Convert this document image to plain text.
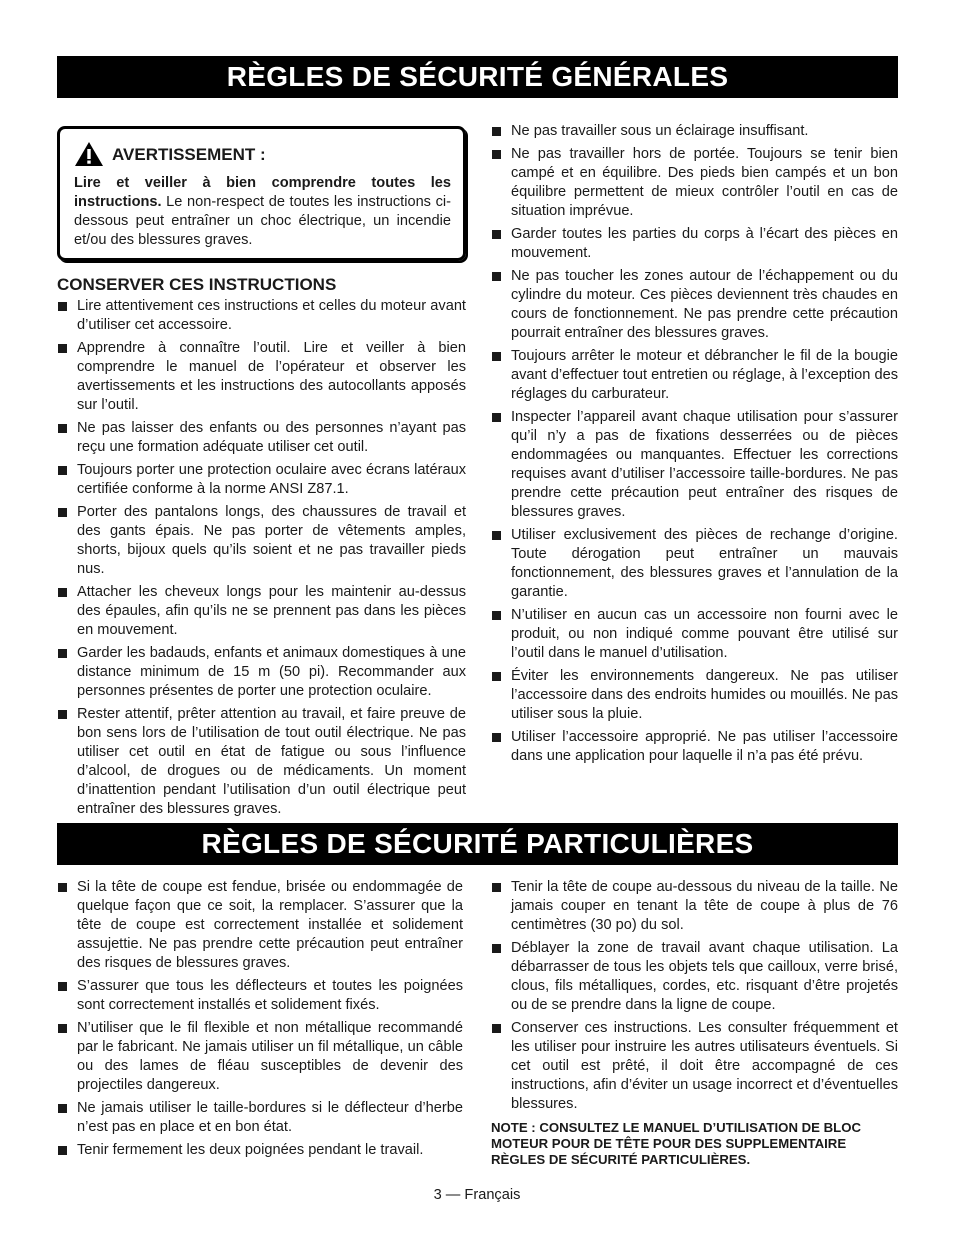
RÈGLES DE SÉCURITÉ GÉNÉRALES
AVERTISSEMENT :
Lire et veiller à bien comprendre toutes les instructions. Le non-respect de toutes les instructions ci-dessous peut entraîner un choc électrique, un incendie et/ou des blessures graves.
CONSERVER CES INSTRUCTIONS
Lire attentivement ces instructions et celles du moteur avant d’utiliser cet accessoire.
Apprendre à connaître l’outil. Lire et veiller à bien comprendre le manuel de l’opérateur et observer les avertissements et les instructions des autocollants apposés sur l’outil.
Ne pas laisser des enfants ou des personnes n’ayant pas reçu une formation adéquate utiliser cet outil.
Toujours porter une protection oculaire avec écrans latéraux certifiée conforme à la norme ANSI Z87.1.
Porter des pantalons longs, des chaussures de travail et des gants épais. Ne pas porter de vêtements amples, shorts, bijoux quels qu’ils soient et ne pas travailler pieds nus.
Attacher les cheveux longs pour les maintenir au-dessus des épaules, afin qu’ils ne se prennent pas dans les pièces en mouvement.
Garder les badauds, enfants et animaux domestiques à une distance minimum de 15 m (50 pi). Recommander aux personnes présentes de porter une protection oculaire.
Rester attentif, prêter attention au travail, et faire preuve de bon sens lors de l’utilisation de tout outil électrique. Ne pas utiliser cet outil en état de fatigue ou sous l’influence d’alcool, de drogues ou de médicaments. Un moment d’inattention pendant l’utilisation d’un outil électrique peut entraîner des blessures graves.
Ne pas travailler sous un éclairage insuffisant.
Ne pas travailler hors de portée. Toujours se tenir bien campé et en équilibre. Des pieds bien campés et un bon équilibre permettent de mieux contrôler l’outil en cas de situation imprévue.
Garder toutes les parties du corps à l’écart des pièces en mouvement.
Ne pas toucher les zones autour de l’échappement ou du cylindre du moteur. Ces pièces deviennent très chaudes en cours de fonctionnement. Ne pas prendre cette précaution pourrait entraîner des blessures graves.
Toujours arrêter le moteur et débrancher le fil de la bougie avant d’effectuer tout entretien ou réglage, à l’exception des réglages du carburateur.
Inspecter l’appareil avant chaque utilisation pour s’assurer qu’il n’y a pas de fixations desserrées ou de pièces endommagées ou manquantes. Effectuer les corrections requises avant d’utiliser l’accessoire taille-bordures. Ne pas prendre cette précaution peut entraîner des risques de blessures graves.
Utiliser exclusivement des pièces de rechange d’origine. Toute dérogation peut entraîner un mauvais fonctionnement, des blessures graves et l’annulation de la garantie.
N’utiliser en aucun cas un accessoire non fourni avec le produit, ou non indiqué comme pouvant être utilisé sur l’outil dans le manuel d’utilisation.
Éviter les environnements dangereux. Ne pas utiliser l’accessoire dans des endroits humides ou mouillés. Ne pas utiliser sous la pluie.
Utiliser l’accessoire approprié. Ne pas utiliser l’accessoire dans une application pour laquelle il n’a pas été prévu.
RÈGLES DE SÉCURITÉ PARTICULIÈRES
Si la tête de coupe est fendue, brisée ou endommagée de quelque façon que ce soit, la remplacer. S’assurer que la tête de coupe est correctement installée et solidement assujettie. Ne pas prendre cette précaution peut entraîner des risques de blessures graves.
S’assurer que tous les déflecteurs et toutes les poignées sont correctement installés et solidement fixés.
N’utiliser que le fil flexible et non métallique recommandé par le fabricant. Ne jamais utiliser un fil métallique, un câble ou des lames de fléau susceptibles de devenir des projectiles dangereux.
Ne jamais utiliser le taille-bordures si le déflecteur d’herbe n’est pas en place et en bon état.
Tenir fermement les deux poignées pendant le travail.
Tenir la tête de coupe au-dessous du niveau de la taille. Ne jamais couper en tenant la tête de coupe à plus de 76 centimètres (30 po) du sol.
Déblayer la zone de travail avant chaque utilisation. La débarrasser de tous les objets tels que cailloux, verre brisé, clous, fils métalliques, cordes, etc. risquant d’être projetés ou de se prendre dans la ligne de coupe.
Conserver ces instructions. Les consulter fréquemment et les utiliser pour instruire les autres utilisateurs éventuels. Si cet outil est prêté, il doit être accompagné de ces instructions, afin d’éviter un usage incorrect et d’éventuelles blessures.
NOTE : CONSULTEZ LE MANUEL D’UTILISATION DE BLOC MOTEUR POUR DE TÊTE POUR DES SUPPLEMENTAIRE RÈGLES DE SÉCURITÉ PARTICULIÈRES.
3 — Français
